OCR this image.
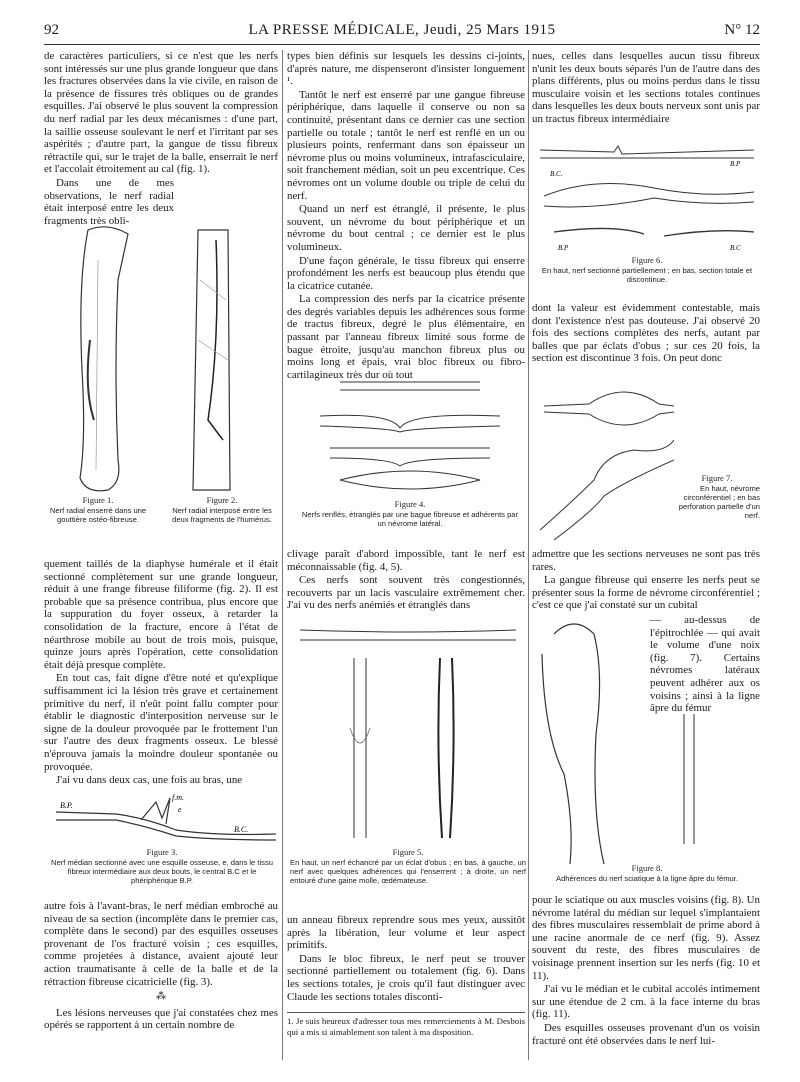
92	LA PRESSE MÉDICALE, Jeudi, 25 Mars 1915	N° 12

de caractères particuliers, si ce n'est que les nerfs sont intéressés sur une plus grande longueur que dans les fractures observées dans la vie civile, en raison de la présence de fissures très obliques ou de grandes esquilles. J'ai observé le plus souvent la compression du nerf radial par les deux mécanismes : d'une part, la saillie osseuse soulevant le nerf et l'irritant par ses aspérités ; d'autre part, la gangue de tissu fibreux rétractile qui, sur le trajet de la balle, enserrait le nerf et l'accolait étroitement au cal (fig. 1).

Dans une de mes observations, le nerf radial était interposé entre les deux fragments très obli-

Figure 1.
Nerf radial enserré dans une gouttière ostéo-fibreuse.
Figure 2.
Nerf radial interposé entre les deux fragments de l'humérus.

quement taillés de la diaphyse humérale et il était sectionné complètement sur une grande longueur, réduit à une frange fibreuse filiforme (fig. 2). Il est probable que sa présence contribua, plus encore que la suppuration du foyer osseux, à retarder la consolidation de la fracture, encore à l'état de néarthrose mobile au bout de trois mois, puisque, quinze jours après l'opération, cette consolidation était déjà presque complète.

En tout cas, fait digne d'être noté et qu'explique suffisamment ici la lésion très grave et certainement primitive du nerf, il n'eût point fallu compter pour établir le diagnostic d'interposition nerveuse sur le signe de la douleur provoquée par le frottement l'un sur l'autre des deux fragments osseux. Le blessé n'éprouva jamais la moindre douleur spontanée ou provoquée.

J'ai vu dans deux cas, une fois au bras, une

B.P.
B.C.
e
f.m.
Figure 3.
Nerf médian sectionné avec une esquille osseuse, e, dans le tissu fibreux intermédiaire aux deux bouts, le central B.C et le phériphérique B.P.

autre fois à l'avant-bras, le nerf médian embroché au niveau de sa section (incomplète dans le premier cas, complète dans le second) par des esquilles osseuses provenant de l'os fracturé voisin ; ces esquilles, comme projetées à distance, avaient ajouté leur action traumatisante à celle de la balle et de la rétraction fibreuse cicatricielle (fig. 3).

⁂

Les lésions nerveuses que j'ai constatées chez mes opérés se rapportent à un certain nombre de

types bien définis sur lesquels les dessins ci-joints, d'après nature, me dispenseront d'insister longuement ¹.

Tantôt le nerf est enserré par une gangue fibreuse périphérique, dans laquelle il conserve ou non sa continuité, présentant dans ce dernier cas une section partielle ou totale ; tantôt le nerf est renflé en un ou plusieurs points, renfermant dans son épaisseur un névrome plus ou moins volumineux, intrafasciculaire, soit franchement médian, soit un peu excentrique. Ces névromes ont un volume double ou triple de celui du nerf.

Quand un nerf est étranglé, il présente, le plus souvent, un névrome du bout périphérique et un névrome du bout central ; ce dernier est le plus volumineux.

D'une façon générale, le tissu fibreux qui enserre profondément les nerfs est beaucoup plus étendu que la cicatrice cutanée.

La compression des nerfs par la cicatrice présente des degrés variables depuis les adhérences sous forme de tractus fibreux, degré le plus élémentaire, en passant par l'anneau fibreux limité sous forme de bague étroite, jusqu'au manchon fibreux plus ou moins long et épais, vrai bloc fibreux ou fibro-cartilagineux très dur où tout

Figure 4.
Nerfs renflés, étranglés par une bague fibreuse et adhérents par un névrome latéral.

clivage paraît d'abord impossible, tant le nerf est méconnaissable (fig. 4, 5).

Ces nerfs sont souvent très congestionnés, recouverts par un lacis vasculaire extrêmement cher. J'ai vu des nerfs anémiés et étranglés dans

Figure 5.
En haut, un nerf échancré par un éclat d'obus ; en bas, à gauche, un nerf avec quelques adhérences qui l'enserrent ; à droite, un nerf entouré d'une gaine molle, œdémateuse.

un anneau fibreux reprendre sous mes yeux, aussitôt après la libération, leur volume et leur aspect primitifs.

Dans le bloc fibreux, le nerf peut se trouver sectionné partiellement ou totalement (fig. 6). Dans les sections totales, je crois qu'il faut distinguer avec Claude les sections totales disconti-

1. Je suis heureux d'adresser tous mes remerciements à M. Desbois qui a mis si aimablement son talent à ma disposition.

nues, celles dans lesquelles aucun tissu fibreux n'unit les deux bouts séparés l'un de l'autre dans des plans différents, plus ou moins perdus dans le tissu musculaire voisin et les sections totales continues dans lesquelles les deux bouts nerveux sont unis par un tractus fibreux intermédiaire

B.C.
B.P
B.P	B.C
Figure 6.
En haut, nerf sectionné partiellement ; en bas, section totale et discontinue.

dont la valeur est évidemment contestable, mais dont l'existence n'est pas douteuse. J'ai observé 20 fois des sections complètes des nerfs, autant par balles que par éclats d'obus ; sur ces 20 fois, la section est discontinue 3 fois. On peut donc

Figure 7.
En haut, névrome circonférentiel ; en bas perforation partielle d'un nerf.

admettre que les sections nerveuses ne sont pas très rares.

La gangue fibreuse qui enserre les nerfs peut se présenter sous la forme de névrome circonférentiel ; c'est ce que j'ai constaté sur un cubital

Figure 8.
Adhérences du nerf sciatique à la ligne âpre du fémur.
— au-dessus de l'épitrochlée — qui avait le volume d'une noix (fig. 7). Certains névromes latéraux peuvent adhérer aux os voisins ; ainsi à la ligne âpre du fémur

pour le sciatique ou aux muscles voisins (fig. 8). Un névrome latéral du médian sur lequel s'implantaient des fibres musculaires ressemblait de prime abord à une racine anormale de ce nerf (fig. 9). Assez souvent du reste, des fibres musculaires de voisinage prennent insertion sur les nerfs (fig. 10 et 11).

J'ai vu le médian et le cubital accolés intimement sur une étendue de 2 cm. à la face interne du bras (fig. 11).

Des esquilles osseuses provenant d'un os voisin fracturé ont été observées dans le nerf lui-
